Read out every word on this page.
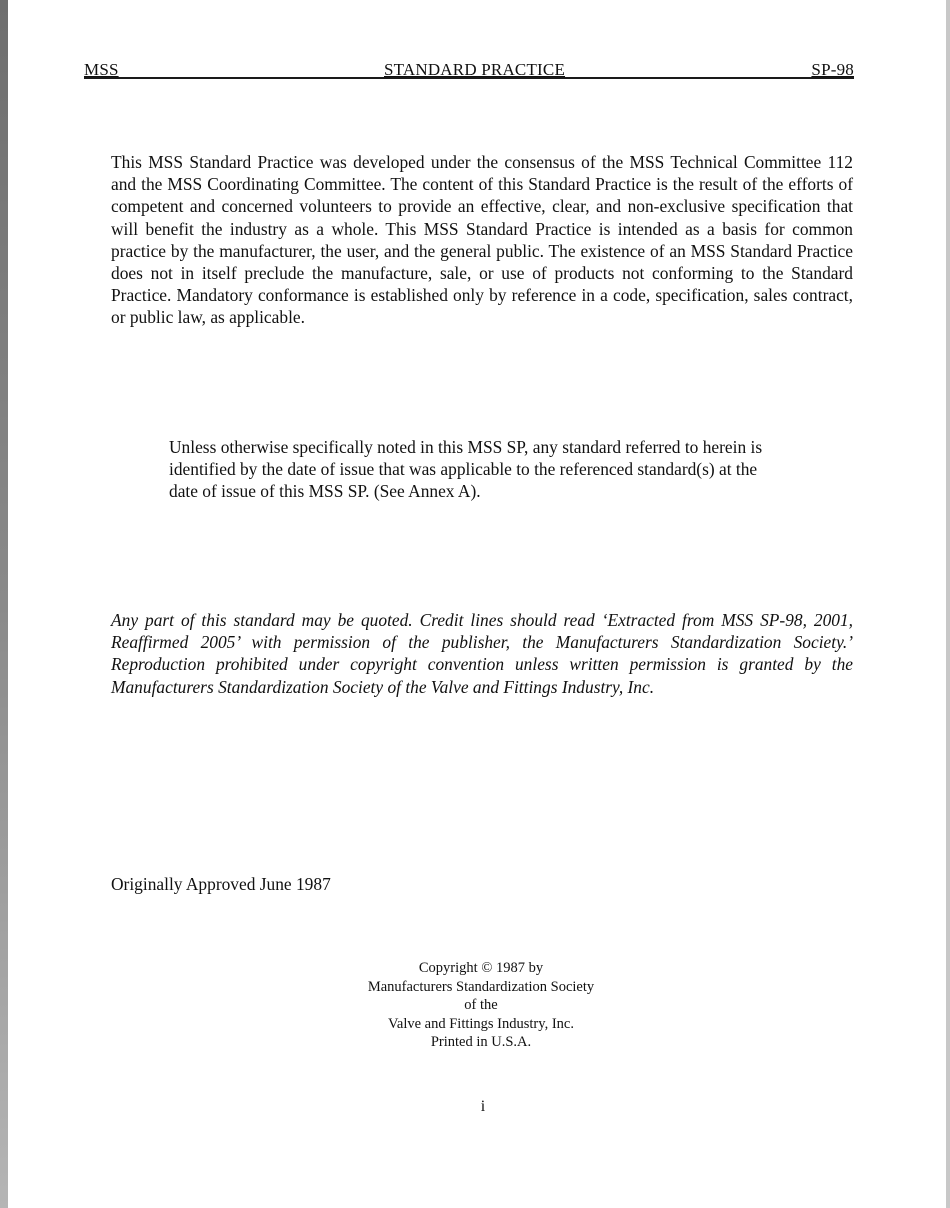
MSS	STANDARD PRACTICE	SP-98

This MSS Standard Practice was developed under the consensus of the MSS Technical Committee 112 and the MSS Coordinating Committee. The content of this Standard Practice is the result of the efforts of competent and concerned volunteers to provide an effective, clear, and non-exclusive specification that will benefit the industry as a whole. This MSS Standard Practice is intended as a basis for common practice by the manufacturer, the user, and the general public. The existence of an MSS Standard Practice does not in itself preclude the manufacture, sale, or use of products not conforming to the Standard Practice. Mandatory conformance is established only by reference in a code, specification, sales contract, or public law, as applicable.

Unless otherwise specifically noted in this MSS SP, any standard referred to herein is identified by the date of issue that was applicable to the referenced standard(s) at the date of issue of this MSS SP. (See Annex A).

Any part of this standard may be quoted. Credit lines should read ‘Extracted from MSS SP-98, 2001, Reaffirmed 2005’ with permission of the publisher, the Manufacturers Standardization Society.’ Reproduction prohibited under copyright convention unless written permission is granted by the Manufacturers Standardization Society of the Valve and Fittings Industry, Inc.

Originally Approved June 1987

Copyright © 1987 by
Manufacturers Standardization Society
of the
Valve and Fittings Industry, Inc.
Printed in U.S.A.
i
